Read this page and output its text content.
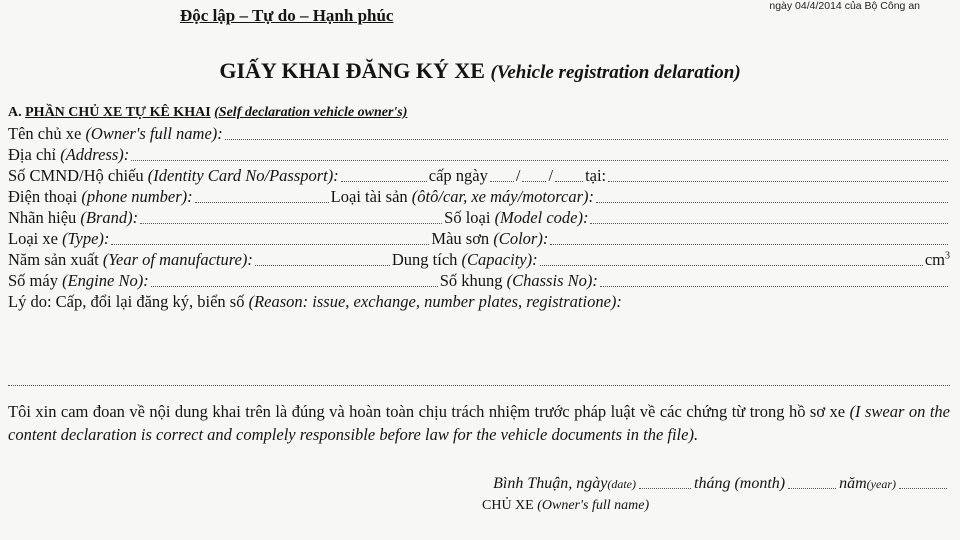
Độc lập – Tự do – Hạnh phúc	ngày 04/4/2014 của Bộ Công an
GIẤY KHAI ĐĂNG KÝ XE (Vehicle registration delaration)
A. PHẦN CHỦ XE TỰ KÊ KHAI (Self declaration vehicle owner's)
Tên chủ xe (Owner's full name):
Địa chỉ (Address):
Số CMND/Hộ chiếu (Identity Card No/Passport):	cấp ngày / / tại:
Điện thoại (phone number):	Loại tài sản (ôtô/car, xe máy/motorcar):
Nhãn hiệu (Brand):	Số loại (Model code):
Loại xe (Type):	Màu sơn (Color):
Năm sản xuất (Year of manufacture):	Dung tích (Capacity):	$cm^3$
Số máy (Engine No):	Số khung (Chassis No):
Lý do: Cấp, đổi lại đăng ký, biển số (Reason: issue, exchange, number plates, registratione):
Tôi xin cam đoan về nội dung khai trên là đúng và hoàn toàn chịu trách nhiệm trước pháp luật về các chứng từ trong hồ sơ xe (I swear on the content declaration is correct and complely responsible before law for the vehicle documents in the file).
Bình Thuận, ngày (date)	tháng (month)	năm (year)
CHỦ XE (Owner's full name)
